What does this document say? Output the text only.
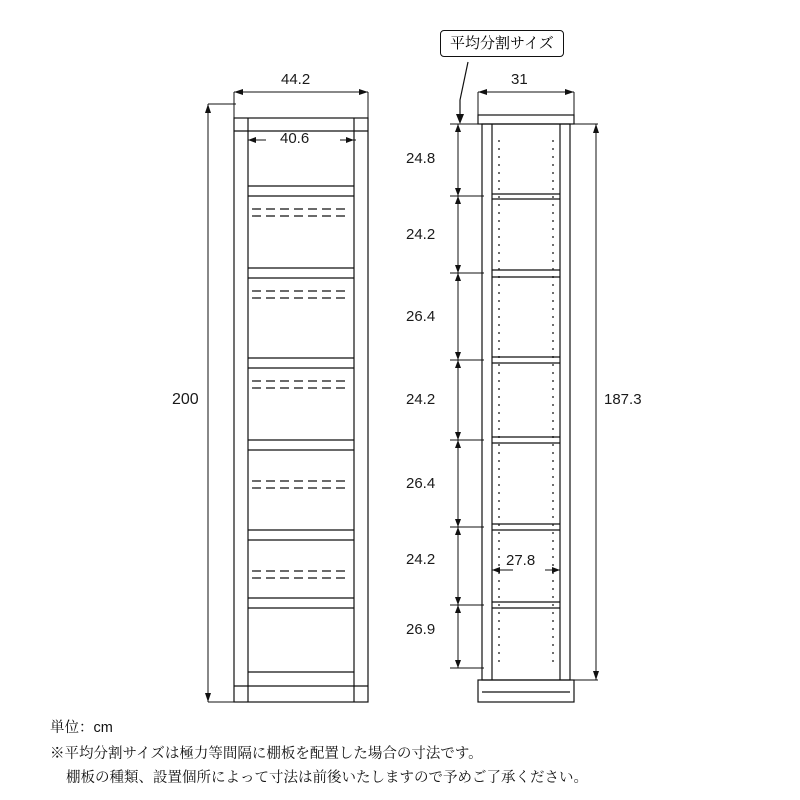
平均分割サイズ
44.2
40.6
200
31
187.3
27.8
24.8
24.2
26.4
24.2
26.4
24.2
26.9
単位：cm
※平均分割サイズは極力等間隔に棚板を配置した場合の寸法です。
棚板の種類、設置個所によって寸法は前後いたしますので予めご了承ください。
